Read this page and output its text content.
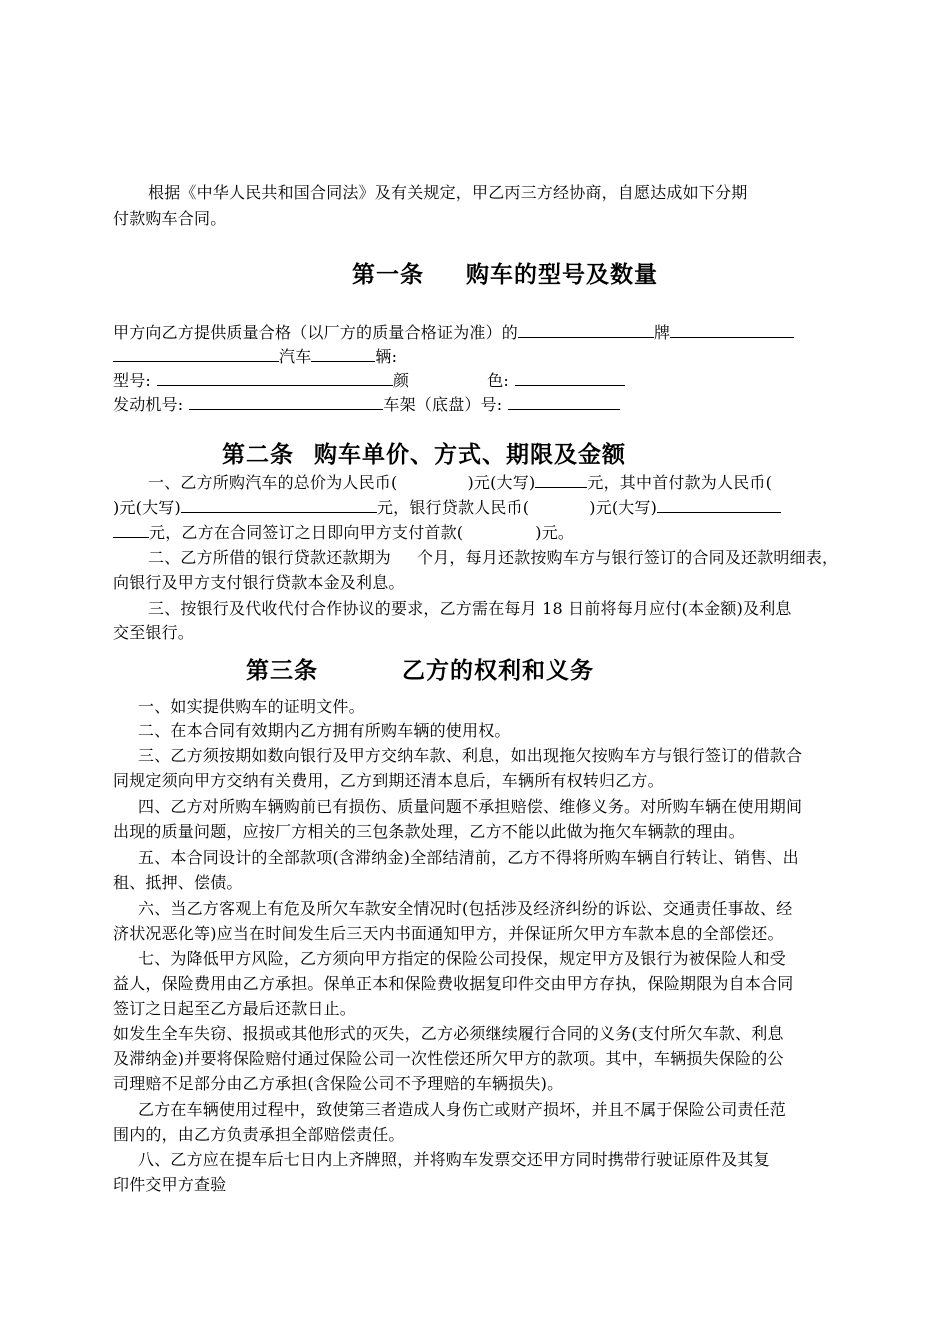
根据《中华人民共和国合同法》及有关规定，甲乙丙三方经协商，自愿达成如下分期
付款购车合同。
第一条 购车的型号及数量
甲方向乙方提供质量合格（以厂方的质量合格证为准）的	牌
汽车	辆:
型号:	颜	色:
发动机号:	车架（底盘）号:
第二条 购车单价、方式、期限及金额
一、乙方所购汽车的总价为人民币(	)元(大写)	元，其中首付款为人民币(
)元(大写)	元，银行贷款人民币(	)元(大写)
元，乙方在合同签订之日即向甲方支付首款(	)元。
二、乙方所借的银行贷款还款期为 个月，每月还款按购车方与银行签订的合同及还款明细表，
向银行及甲方支付银行贷款本金及利息。
三、按银行及代收代付合作协议的要求，乙方需在每月 18 日前将每月应付(本金额)及利息
交至银行。
第三条	乙方的权利和义务
一、如实提供购车的证明文件。
二、在本合同有效期内乙方拥有所购车辆的使用权。
三、乙方须按期如数向银行及甲方交纳车款、利息，如出现拖欠按购车方与银行签订的借款合
同规定须向甲方交纳有关费用，乙方到期还清本息后，车辆所有权转归乙方。
四、乙方对所购车辆购前已有损伤、质量问题不承担赔偿、维修义务。对所购车辆在使用期间
出现的质量问题，应按厂方相关的三包条款处理，乙方不能以此做为拖欠车辆款的理由。
五、本合同设计的全部款项(含滞纳金)全部结清前，乙方不得将所购车辆自行转让、销售、出
租、抵押、偿债。
六、当乙方客观上有危及所欠车款安全情况时(包括涉及经济纠纷的诉讼、交通责任事故、经
济状况恶化等)应当在时间发生后三天内书面通知甲方，并保证所欠甲方车款本息的全部偿还。
七、为降低甲方风险，乙方须向甲方指定的保险公司投保，规定甲方及银行为被保险人和受
益人，保险费用由乙方承担。保单正本和保险费收据复印件交由甲方存执，保险期限为自本合同
签订之日起至乙方最后还款日止。
如发生全车失窃、报损或其他形式的灭失，乙方必须继续履行合同的义务(支付所欠车款、利息
及滞纳金)并要将保险赔付通过保险公司一次性偿还所欠甲方的款项。其中，车辆损失保险的公
司理赔不足部分由乙方承担(含保险公司不予理赔的车辆损失)。
乙方在车辆使用过程中，致使第三者造成人身伤亡或财产损坏，并且不属于保险公司责任范
围内的，由乙方负责承担全部赔偿责任。
八、乙方应在提车后七日内上齐牌照，并将购车发票交还甲方同时携带行驶证原件及其复
印件交甲方查验
